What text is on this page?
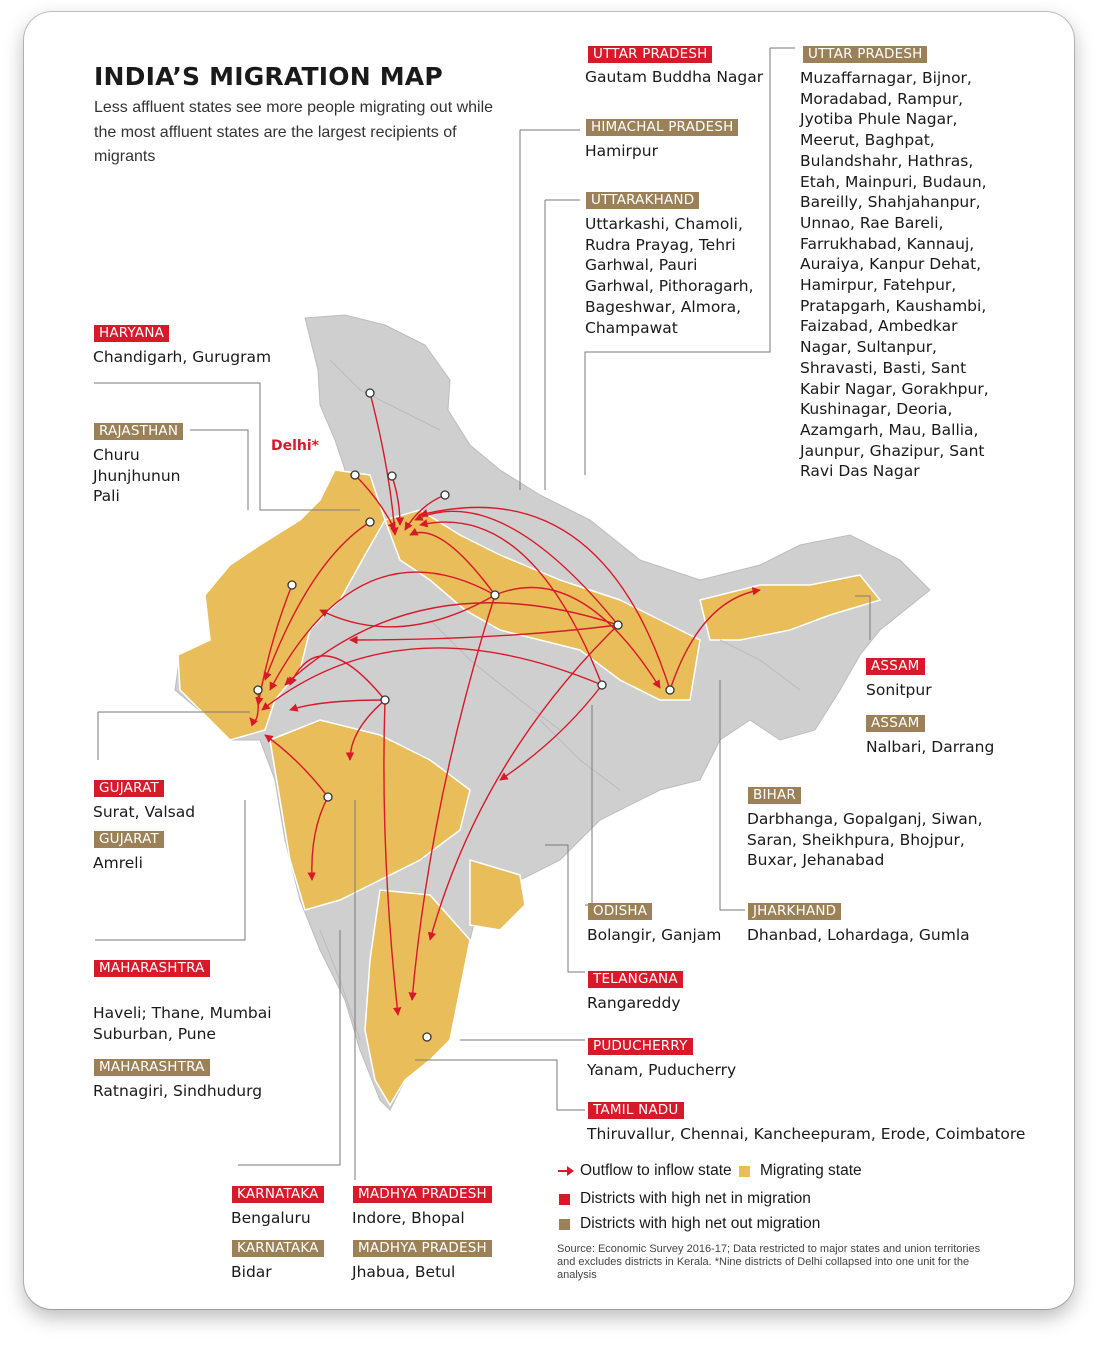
INDIA’S MIGRATION MAP

Less affluent states see more people migrating out while the most affluent states are the largest recipients of migrants

Delhi*
UTTAR PRADESH

Gautam Buddha Nagar

UTTAR PRADESH

Muzaffarnagar, Bijnor, Moradabad, Rampur, Jyotiba Phule Nagar, Meerut, Baghpat, Bulandshahr, Hathras, Etah, Mainpuri, Budaun, Bareilly, Shahjahanpur, Unnao, Rae Bareli, Farrukhabad, Kannauj, Auraiya, Kanpur Dehat, Hamirpur, Fatehpur, Pratapgarh, Kaushambi, Faizabad, Ambedkar Nagar, Sultanpur, Shravasti, Basti, Sant Kabir Nagar, Gorakhpur, Kushinagar, Deoria, Azamgarh, Mau, Ballia, Jaunpur, Ghazipur, Sant Ravi Das Nagar

HIMACHAL PRADESH

Hamirpur

UTTARAKHAND

Uttarkashi, Chamoli, Rudra Prayag, Tehri Garhwal, Pauri Garhwal, Pithoragarh, Bageshwar, Almora, Champawat

HARYANA

Chandigarh, Gurugram

RAJASTHAN

Churu
Jhunjhunun
Pali

ASSAM

Sonitpur

ASSAM

Nalbari, Darrang

BIHAR

Darbhanga, Gopalganj, Siwan, Saran, Sheikhpura, Bhojpur, Buxar, Jehanabad

GUJARAT

Surat, Valsad

GUJARAT

Amreli

ODISHA

Bolangir, Ganjam

JHARKHAND

Dhanbad, Lohardaga, Gumla

MAHARASHTRA

Haveli; Thane, Mumbai Suburban, Pune

MAHARASHTRA

Ratnagiri, Sindhudurg

TELANGANA

Rangareddy

PUDUCHERRY

Yanam, Puducherry

TAMIL NADU

Thiruvallur, Chennai, Kancheepuram, Erode, Coimbatore

KARNATAKA

Bengaluru

KARNATAKA

Bidar

MADHYA PRADESH

Indore, Bhopal

MADHYA PRADESH

Jhabua, Betul

Outflow to inflow state Migrating state
Districts with high net in migration
Districts with high net out migration

Source: Economic Survey 2016-17; Data restricted to major states and union territories and excludes districts in Kerala. *Nine districts of Delhi collapsed into one unit for the analysis
